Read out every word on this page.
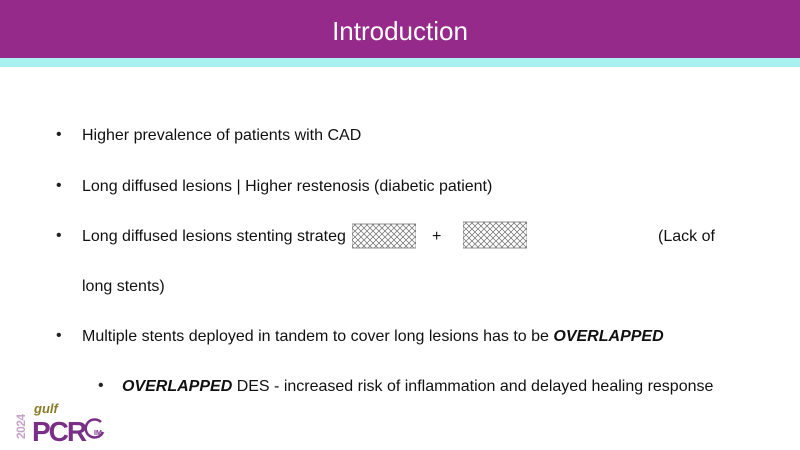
Introduction
• Higher prevalence of patients with CAD
• Long diffused lesions | Higher restenosis (diabetic patient)
• Long diffused lesions stenting strateg	+	(Lack of
long stents)
• Multiple stents deployed in tandem to cover long lesions has to be OVERLAPPED
• OVERLAPPED DES - increased risk of inflammation and delayed healing response
2024
gulf
PCR IM
